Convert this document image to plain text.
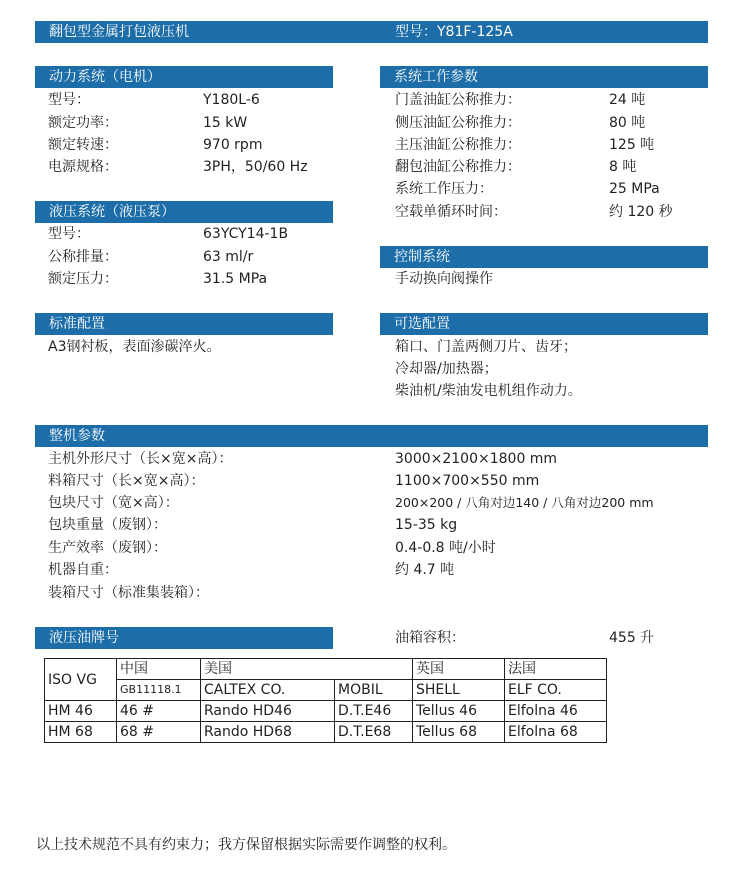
翻包型金属打包液压机	型号：Y81F-125A
动力系统（电机）
型号：	Y180L-6
额定功率：	15 kW
额定转速：	970 rpm
电源规格：	3PH，50/60 Hz
系统工作参数
门盖油缸公称推力：	24 吨
侧压油缸公称推力：	80 吨
主压油缸公称推力：	125 吨
翻包油缸公称推力：	8 吨
系统工作压力：	25 MPa
空载单循环时间：	约 120 秒
液压系统（液压泵）
型号：	63YCY14-1B
公称排量：	63 ml/r
额定压力：	31.5 MPa
控制系统
手动换向阀操作
标准配置
A3钢衬板，表面渗碳淬火。
可选配置
箱口、门盖两侧刀片、齿牙；
冷却器/加热器；
柴油机/柴油发电机组作动力。
整机参数
主机外形尺寸（长×宽×高）：	3000×2100×1800 mm
料箱尺寸（长×宽×高）：	1100×700×550 mm
包块尺寸（宽×高）：	200×200 / 八角对边140 / 八角对边200 mm
包块重量（废钢）：	15-35 kg
生产效率（废钢）：	0.4-0.8 吨/小时
机器自重：	约 4.7 吨
装箱尺寸（标准集装箱）：
液压油牌号	油箱容积：	455 升
ISO VG	中国	美国		英国	法国
	GB11118.1	CALTEX CO.	MOBIL	SHELL	ELF CO.
HM 46	46 #	Rando HD46	D.T.E46	Tellus 46	Elfolna 46
HM 68	68 #	Rando HD68	D.T.E68	Tellus 68	Elfolna 68
以上技术规范不具有约束力；我方保留根据实际需要作调整的权利。
